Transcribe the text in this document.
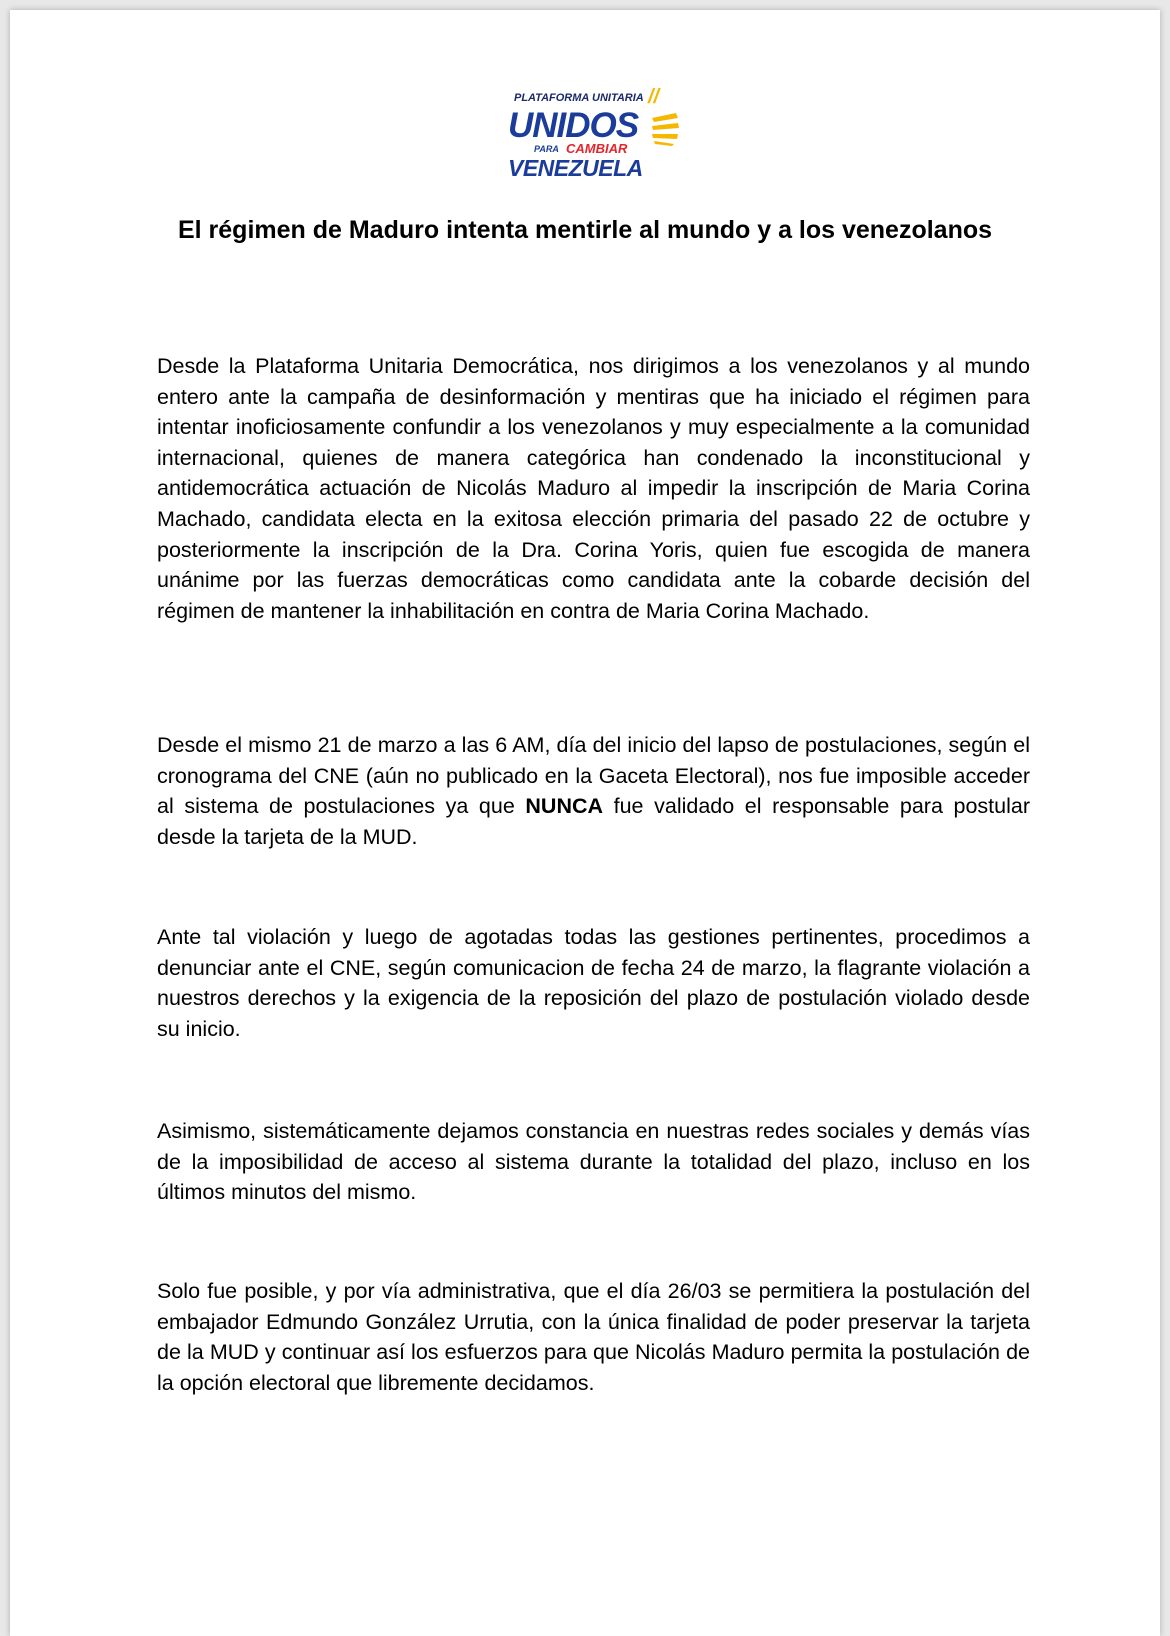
PLATAFORMA UNITARIA //
UNIDOS
PARA CAMBIAR
VENEZUELA
El régimen de Maduro intenta mentirle al mundo y a los venezolanos

Desde la Plataforma Unitaria Democrática, nos dirigimos a los venezolanos y al mundo entero ante la campaña de desinformación y mentiras que ha iniciado el régimen para intentar inoficiosamente confundir a los venezolanos y muy especialmente a la comunidad internacional, quienes de manera categórica han condenado la inconstitucional y antidemocrática actuación de Nicolás Maduro al impedir la inscripción de Maria Corina Machado, candidata electa en la exitosa elección primaria del pasado 22 de octubre y posteriormente la inscripción de la Dra. Corina Yoris, quien fue escogida de manera unánime por las fuerzas democráticas como candidata ante la cobarde decisión del régimen de mantener la inhabilitación en contra de Maria Corina Machado.

Desde el mismo 21 de marzo a las 6 AM, día del inicio del lapso de postulaciones, según el cronograma del CNE (aún no publicado en la Gaceta Electoral), nos fue imposible acceder al sistema de postulaciones ya que NUNCA fue validado el responsable para postular desde la tarjeta de la MUD.

Ante tal violación y luego de agotadas todas las gestiones pertinentes, procedimos a denunciar ante el CNE, según comunicacion de fecha 24 de marzo, la flagrante violación a nuestros derechos y la exigencia de la reposición del plazo de postulación violado desde su inicio.

Asimismo, sistemáticamente dejamos constancia en nuestras redes sociales y demás vías de la imposibilidad de acceso al sistema durante la totalidad del plazo, incluso en los últimos minutos del mismo.

Solo fue posible, y por vía administrativa, que el día 26/03 se permitiera la postulación del embajador Edmundo González Urrutia, con la única finalidad de poder preservar la tarjeta de la MUD y continuar así los esfuerzos para que Nicolás Maduro permita la postulación de la opción electoral que libremente decidamos.
